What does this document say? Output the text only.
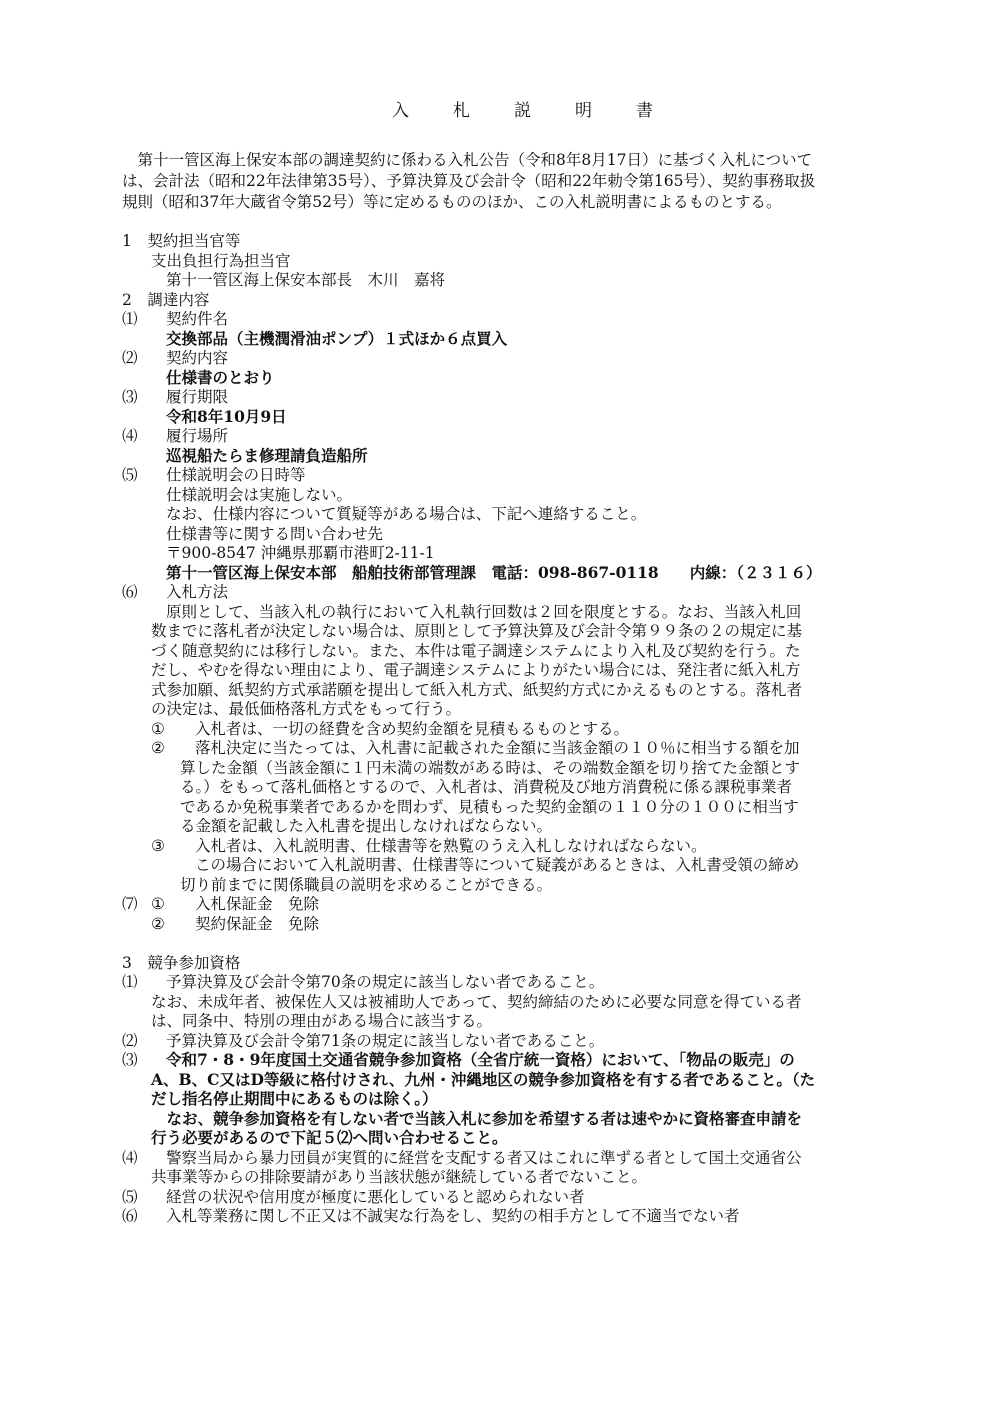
入	札	説	明	書
　第十一管区海上保安本部の調達契約に係わる入札公告（令和8年8月17日）に基づく入札について
は、会計法（昭和22年法律第35号）、予算決算及び会計令（昭和22年勅令第165号）、契約事務取扱
規則（昭和37年大蔵省令第52号）等に定めるもののほか、この入札説明書によるものとする。
1　契約担当官等
支出負担行為担当官
第十一管区海上保安本部長　木川　嘉将
2　調達内容
⑴ 契約件名
交換部品（主機潤滑油ポンプ）１式ほか６点買入
⑵ 契約内容
仕様書のとおり
⑶ 履行期限
令和8年10月9日
⑷ 履行場所
巡視船たらま修理請負造船所
⑸ 仕様説明会の日時等
仕様説明会は実施しない。
なお、仕様内容について質疑等がある場合は、下記へ連絡すること。
仕様書等に関する問い合わせ先
〒900-8547 沖縄県那覇市港町2-11-1
第十一管区海上保安本部　船舶技術部管理課　電話：098-867-0118　　内線：（２３１６）
⑹ 入札方法
原則として、当該入札の執行において入札執行回数は２回を限度とする。なお、当該入札回
数までに落札者が決定しない場合は、原則として予算決算及び会計令第９９条の２の規定に基
づく随意契約には移行しない。また、本件は電子調達システムにより入札及び契約を行う。た
だし、やむを得ない理由により、電子調達システムによりがたい場合には、発注者に紙入札方
式参加願、紙契約方式承諾願を提出して紙入札方式、紙契約方式にかえるものとする。落札者
の決定は、最低価格落札方式をもって行う。
① 入札者は、一切の経費を含め契約金額を見積もるものとする。
② 落札決定に当たっては、入札書に記載された金額に当該金額の１０％に相当する額を加
算した金額（当該金額に１円未満の端数がある時は、その端数金額を切り捨てた金額とす
る。）をもって落札価格とするので、入札者は、消費税及び地方消費税に係る課税事業者
であるか免税事業者であるかを問わず、見積もった契約金額の１１０分の１００に相当す
る金額を記載した入札書を提出しなければならない。
③ 入札者は、入札説明書、仕様書等を熟覧のうえ入札しなければならない。
この場合において入札説明書、仕様書等について疑義があるときは、入札書受領の締め
切り前までに関係職員の説明を求めることができる。
⑺ ① 入札保証金　免除
② 契約保証金　免除
3　競争参加資格
⑴ 予算決算及び会計令第70条の規定に該当しない者であること。
なお、未成年者、被保佐人又は被補助人であって、契約締結のために必要な同意を得ている者
は、同条中、特別の理由がある場合に該当する。
⑵ 予算決算及び会計令第71条の規定に該当しない者であること。
⑶ 令和7・8・9年度国土交通省競争参加資格（全省庁統一資格）において、「物品の販売」の
A、B、C又はD等級に格付けされ、九州・沖縄地区の競争参加資格を有する者であること。（た
だし指名停止期間中にあるものは除く。）
　なお、競争参加資格を有しない者で当該入札に参加を希望する者は速やかに資格審査申請を
行う必要があるので下記５⑵へ問い合わせること。
⑷ 警察当局から暴力団員が実質的に経営を支配する者又はこれに準ずる者として国土交通省公
共事業等からの排除要請があり当該状態が継続している者でないこと。
⑸ 経営の状況や信用度が極度に悪化していると認められない者
⑹ 入札等業務に関し不正又は不誠実な行為をし、契約の相手方として不適当でない者
